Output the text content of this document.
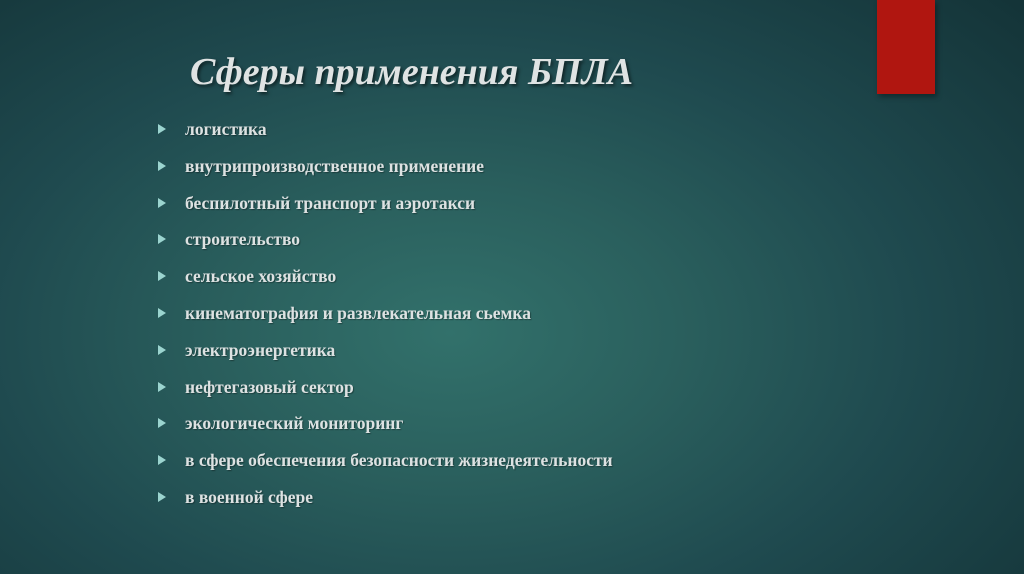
Сферы применения БПЛА
логистика
внутрипроизводственное применение
беспилотный транспорт и аэротакси
строительство
сельское хозяйство
кинематография и развлекательная сьемка
электроэнергетика
нефтегазовый сектор
экологический мониторинг
в сфере обеспечения безопасности жизнедеятельности
в военной сфере
